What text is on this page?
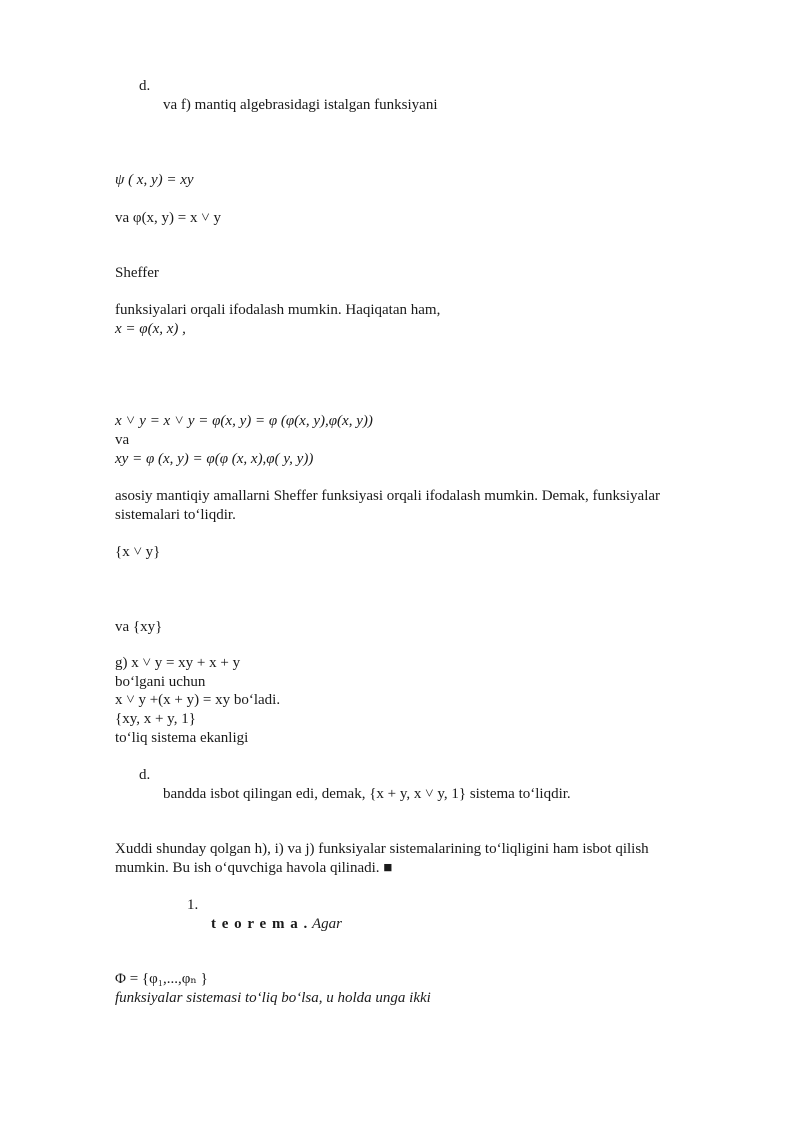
d.
va f) mantiq algebrasidagi istalgan funksiyani
ψ ( x, y) = xy
va φ(x, y) = x ˅ y
Sheffer
funksiyalari orqali ifodalash mumkin. Haqiqatan ham,
x = φ(x, x) ,
x ˅ y = x ˅ y = φ(x, y) = φ (φ(x, y),φ(x, y))
va
xy = φ (x, y) = φ(φ (x, x),φ( y, y))
asosiy mantiqiy amallarni Sheffer funksiyasi orqali ifodalash mumkin. Demak, funksiyalar
sistemalari to‘liqdir.
{x ˅ y}
va {xy}
g) x ˅ y = xy + x + y
bo‘lgani uchun
x ˅ y +(x + y) = xy bo‘ladi.
{xy, x + y, 1}
to‘liq sistema ekanligi
d.
bandda isbot qilingan edi, demak, {x + y, x ˅ y, 1} sistema to‘liqdir.
Xuddi shunday qolgan h), i) va j) funksiyalar sistemalarining to‘liqligini ham isbot qilish
mumkin. Bu ish o‘quvchiga havola qilinadi. ■
1.
t e o r e m a . Agar
Φ = {φ₁,...,φₙ }
funksiyalar sistemasi to‘liq bo‘lsa, u holda unga ikki
